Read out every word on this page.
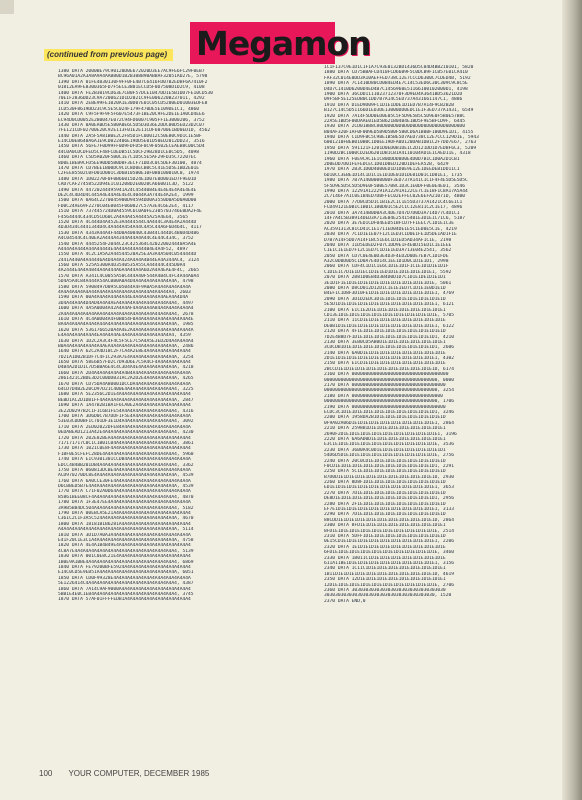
Megamon
(continued from previous page)
1380 DATA 2000BE79C90120D0E672020D3EE7AC9FE6FC29F0EB7
BC96A01A2A3A8A9A4AABB0D1B2B3B8B9BABBAF32051AD27E, 5798
1390 DATA 01FE4030130F9FF0FE4B7C6416FD07B2EDBF6A7410F2
01812EA9FE8300365FD7F5ECE3B01ECCD5F0D7500D1D2C9, 4108
1400 DATA FE2B3019CD63E7CB0F57DCE1047DD1E5B1DD7FE10CD530
70E1F2836DD23C9A7200621D1D2021C9FE006220B237011, 4292
1410 DATA 2EBE99FE1020A1E30D07E01C05CD5200ED01003EDFE8
1CD530F8619DD23C9C5E5C024F179F470DE5E109DE1C1, 4860
1420 DATA C9F5F9F9F5F607E5473F1BE20C9FE2DE1E1A0CD4EE6
EC94D0CD0052E2B0047E072C94FD6007C905FF1E3000206, 3752
1430 DATA 0A0EA0D5E5B0A0E6C5D5D3D36E2DDC00D5ED23D2C07
7FE121CDF02700E20C92E113F01E2E11CDF60700E1BD0ED1D, 4562
1440 DATA 2A5F5A81B0E2C2F85D1FC0D012C50E80C9D1C1E5BF
E14CD0EB640A6A1E9CD022406E19DD5E01D50ED2012DD23, 3516
1450 DATA 56FE7F0D99FF0D9FDFD5F0C9F0502ECEAEB8C00C5D4
44C0A0CDCDFED5CF48FCDEDB51C5DCF29B28D1CE0C5D5, 4098
1460 DATA C5D5A020F5B0C1E7C1D5C5E5AF29FD35C72207EC
8D0E1BEB9CFD5EE90DD5B0D0F3ECF71DD3C0C5DEF30100, 4874
1470 DATA CD7BEE1B00DC9C1C8D0ECB0C5C41E5D5E1BD2E01E
C2FEE85502C0FD01D001C3D6B105B0E10F0B0100010C0, 1974
1480 DATA 1D02270F0F0B66015D24E1D07E0D001ED7F9E01D
CAD7CAF27458522D94E1C01208D2E0020CA66001C3D, 5122
1490 DATA 44720244495941A24C4544084E4E4E4E4A4E4E4E
DE2C4C4D4D4C445A4E44A4E4E4C4044A3A744E4A2E4, 1999
1500 DATA 0A64C2270045900D94594DD0A3550D0A5D0A0D00
FD0C24AE69F2270C04E0045F060027C57A3E4C6E2E4, 4117
1510 DATA 737445724D0A4559C6C0A0FE2305703746E0DA2F4E
F4564444C434CD5CD60C2A4A4A45A4445A25A4E64, 3565
1520 DATA 4C444D4A452E3A4444544C4A444C3A4E4A2A444D
4D3D434C4441344D4C4A444A454A44C4A5C44A6F6D464C, 4117
1530 DATA 4343A44A4F44D0A40040C43B44C444DC4B0D4D4B6
A4C04544C4C40EA2A444A4344A44A4A44C4E44C434C, 3752
1540 DATA 4445254F2044C23C425364C420220024440A5A4E
A444A4A444A44A44444E4A44A444A444B4E4A4F52, 4897
1550 DATA 4C2C1A5A2A44544520A25E3A3A4A504C0544444D
2441A440A4A44446A4D4A4A424A4A4A4B44EA4A344AC4, 3124
1560 DATA 525A5300A4D3540535A55CA44444C445D0A4
4A2444E4A4A4844A4A444A6A4A44A4A6D2A4A4EAE4F4C, 2665
1570 DATA A341C4C0055A50C444A40F544A4B4C4FC4A44A0A4
5D4A5A4C84A444A54ACBB0A0A4D4A4A4A4A4A4A4A4A, 4798
1580 DATA 5908497D095C05044A4F9A0A5A4A4A4A4A4A4A
4A4A4A4A4A4A44A4A4A4A4A4A4A4A4A44A4A4A44A4, 2603
1590 DATA 00A4A4A4A44A4A44E4A4A4A4A4A4AEA4A4D4A
3D4A44A4A4D4AD4A4A4AEA4A4A4A4A4A44A4A44A4A4, 4497
1600 DATA 4A5A0D04A42A4A4AF4A4A4A4A84A4A4A4A4A4A4
2A4A4A4A4A4A4AAA4A4AA4A4A4A4A4A4A4A44A4A4A4, 2678
1610 DATA 4C4A0D04A4F0B054F0A4A4A4A4A4A4A4A4A4A4E
8A4A4A4AA4A4A4A44A4A4A4A4A4AA4A4A4A4A4A4A4A, 1985
1620 DATA 5361766520A4A4E2A4A4A4A4A4A4A4A4A4A4A4A
E4A4A4A4A4A4A4EA4A4A4AE4A4A4A4A4A4A4A4A4A4, 4359
1630 DATA 1D2C2A3C4F4C5F5CE7C5A4A5E3ED2D4A4A4A4A4
B0A4A4A4A4A4A4A4AEA4A4A4A4A4A4A4A4A4A4A4A4A, 2486
1640 DATA 62C2A4D18C2F7CA4A2E8E4A4A4A4A4A4A4A4A4
7D21A1D02B1DF7C4F1C293A7E4A4A4A4A4A4A4A4A4A, 3254
1650 DATA 58E6B57FD2C7D93D6E7C5A4CF4A4A4A4A4A4A4
D4B4A2D1D1C7D5BBA6E4C4C3D4A4E4A4A4A4A4A4A4A, 4218
1660 DATA 2D4A4A4A4A4A4A4B4A4A4A4A4A4A4A4A4A4A4A
2861421C2BDE3D2C00DDB31AC2A2D2E4A4A4A4A4A4A, 4265
1670 DATA CD75DA4A80001DCCDA4A4A4A4A4A4A4A4A4A4A
64CD7D4B2E20CD97D21C400E4A4A4A4A4A4A4A4A4A4, 3225
1680 DATA 5E2356C2D1E4A4A4A4A4A4A4A4A4A4A4A4A4A4
BEBD1AC2D1DB1FF4A4A4A4A4A4A4A4A4A4A4A4A4A4A, 2847
1690 DATA 1A47B2B1BA1F6CA0E2A4A4A4A4A4A4A4A4A4A4
3E22D0297B2C1F1C6B1FE54A4A4A4A4A4A4A4A4A4A4, 4316
1700 DATA 3D6D0C7B7DDF1F5E4A4A4A4A4A4A4A4A4A4A4A
53E03CDD0BF1C701DF3E1D4A4A4A4A4A4A4A4A4A4A4, 3092
1710 DATA 2ED02022DFE84A4A4A4A4A4A4A4A4A4A4A4A4A
0EDABEAD1213A42E4A4A4A4A4A4A4A4A4A4A4A4A4A4, 4230
1720 DATA 202E82BEA4A4A4A4A4A4A4A4A4A4A4A4A4A4A4
717171717C0C1C1B01CB4A4A4A4A4A4A4A4A4A4A4A4, 3861
1730 DATA 1021C0E8F4A4A4A4A4A4A4A4A4A4A4A4A4A4A4
F1BF0E5CFEFC28DE4A4A4A4A4A4A4A4A4A4A4A4A4A4, 5960
1740 DATA E1C9301301CCDB4A4A4A4A4A4A4A4A4A4A4A4A
EDCC4B4BB201DB4A4A4A4A4A4A4A4A4A4A4A4A4A4A4, 3362
1750 DATA 060813DCBE4A4A4A4A4A4A4A4A4A4A4A4A4A4A
ACD970270DC8E4A4A4A4A4A4A4A4A4A4A4A4A4A4A4A, 4539
1760 DATA 6A0CCE30FE4A4A4A4A4A4A4A4A4A4A4A4A4A4A
D6CBBED5B7E4A4A4A4A4A4A4A4A4A4A4A4A4A4A4A4A, 4539
1770 DATA C71F02A0D64A4A4A4A4A4A4A4A4A4A4A4A4A4A
85861BEE08CF4A4A4A4A4A4A4A4A4A4A4A4A4A4A4A4, 4870
1780 DATA 1F3E47EE4A4A4A4A4A4A4A4A4A4A4A4A4A4A4A
3A9B5B84DC504A4A4A4A4A4A4A4A4A4A4A4A4A4A4A4, 5182
1790 DATA 00EBCA5E21A4A4A4A4A4A4A4A4A4A4A4A4A4A4
C361C2C1F3A5C524A4A4A4A4A4A4A4A4A4A4A4A4A4A, 4670
1800 DATA 18181B1B6281A4A4A4A4A4A4A4A4A4A4A4A4A4
A4A4A4A4A4A4A4A4A4A4A4A4A4A4A4A4A4A4A4A4A4A, 5114
1810 DATA 3D1D7A0A3A4A4A4A4A4A4A4A4A4A4A4A4A4A4A
E41F20C1E3C1A4A4A4A4A4A4A4A4A4A4A4A4A4A4A4A, 4758
1820 DATA 4E4A1B4B49E4A4A4A4A4A4A4A4A4A4A4A4A4A4
4C8A7E4A4A4A4A4A4A4A4A4A4A4A4A4A4A4A4A4A4A4, 5139
1830 DATA 001C0E8C21E4A4A4A4A4A4A4A4A4A4A4A4A4A4
1B0E9A1BBE4A4A4A4A4A4A4A4A4A4A4A4A4A4A4A4A4, 6869
1840 DATA FE79200BFE5924A4A4A4A4A4A4A4A4A4A4A4A4
E14C0CD5E9EB51A4A4A4A4A4A4A4A4A4A4A4A4A4A4A, 6051
1850 DATA CD0F99328E4A4A4A4A4A4A4A4A4A4A4A4A4A4A
5E1226414C4A4A4A4A4A4A4A4A4A4A4A4A4A4A4A4A4, 4387
1860 DATA 7A14C9AF9000A4A4A4A4A4A4A4A4A4A4A4A4A4
5BB1E4E0C1EB4A4A4A4A4A4A4A4A4A4A4A4A4A4A4A4, 3745
1870 DATA 57AF01FFFFEDB1A4A4A4A4A4A4A4A4A4A4A4A4
1C1F137C9E1D1C1F1A7C93E0132BD1436D5C04D4BB210101, 5820
1880 DATA CD75BBAFCD410FCD66B9F5C0DCB9F1CB57E01CA410
FAF32C014E0DD3A10AEFFED738C12E7CCCD6300C7CDED4B, 5192
1890 DATA 7C1410D80CD0B4ED4E7C14C53ED6C30C309C9C8C5E
D4D7C1410D6200D4ED4B7C1456960E51166100102000D1, 4198
1900 DATA 36CDD1111023712370F3D9ED4A3641BD53621D2D
09F5BF5E125EDB0C1DD7B7A14C5ED737A431661147C1, 4886
1910 DATA D1ED9D09FC1D1E1DDE1D1ED7B7A14F9CB2B2B
B127C14C5D51166D1ED3DE13000DD0EDC1E1F3ED737A1431, 6549
1920 DATA 7A14F5DD0ED0E05C5F5D9E5B5C5D9E0F5B0E57B8C
22A5E1BD5F00DAAE01ED5B621B04B4E1BD5F9E5BFCD9F, 6445
1930 DATA 2CD018B8C80D0D0D0D0D0D0D0D0D0D0D0D0D0D0D0
B04AF320F1AF0F009ED5B9D5B0F5B0CD6A1B0BF100D9E1D1, 4155
1940 DATA C1D9FBC5C9BE1B5BE5D7AED738C12E7CCC129D1E, 5943
6001210FBEB010B0C1D0EE19DFA0D120DAB1DB1C2F7DD7E67, 2763
1950 DATA 591121F1201D0ED0B1DE1C2D121DD1D7EDBF6C3, 5209
1190D2BC1000CD2ED6201DB1CB1A4110104AD1E1CAED11E, 4318
1960 DATA F0E9CAC1E1C80DDDD0D0E4D0D7B1C1D0A2D1CB1
2D0EDD7D01FEFEDCEC1D01D0ED120D1DEFEA52B, 6429
1970 DATA 2B3C1D0D4000ED1D1D0E9E12E1DEEDEB1DD11C1
6D10CC3EBE1D14C1D1C1E1D1DE01D1DE01D01C1D01E1, 1735
1980 DATA 7B7A140000000DF3ED737A141C1C1F4F4E5D5E5D5C
5F5D9E5D5C5D5D9E0F5B0E57B8C1D3C1E0DFF0E0E4E01, 3546
1990 DATA 12291A122291A12291A122CE7C1E18F1C8A17A5A44
2C7146F7A1C0E1B4ED7DBFFEC02EFFEC02E6EFA21071D, 4800
2000 DATA 77D0CD5D1C1B1E2C1C1E55D3737A1421C4C6E1C1
FCD49121E0B1C1B01C1B0D01C5E2C1C12E811C2C1E17, 4896
2010 DATA 3A7414B0D0A3C4DE7D47D7D0D3A714D77C4D1C1
14F7A4C5B38914DED3A713E04E25415401E3D1E1C71C6, 5187
2020 DATA 3E7ED1CDF04EED51BFCD7FF1EEC7C1D1E1C3E
AC3591313C81CD41C1E1711ED04DE1E5C1ED0E5C1E, 4219
2030 DATA 7C1D1E1E07F12C1ED3C1D0E1FE1D5DE1AD1F1E
D7B7A14F5DD7A14F1BC51E6C1D1ED5AD34AF1C1E, 2198
2040 DATA 11D5EDED2F07C1DD9E1F4E0D15ED1C1E1EEE
C1E1C1E1ED7F12C1ED7C1D1E1ED3A713E04E2541, 3562
2050 DATA CD7C0E4E0D3E4D3F4ED2D0DE7EB7C1D1FDE
A32C0D0D0D5C1D0A7E4D14C1EE1D1D0C1D1E1D1, 2998
2060 DATA CDF4C1D1C1E6C1D1E1D1F1C1E1D1D1E1D1F
C1D1E1C7D1E1D1EC1D1E1ED1D1E1D1E1D1E1D1E1, 5592
2070 DATA 2B81D0EB4D3B4D0D1D7C1D1E1DE1D1E1D1
3E1D1F1E1D1E1D1E1D1E1D1E1D1E1D1E1D1E1D1E, 5061
2080 DATA D8CD012D12D1C1E1E1ED7C1D1E1E0D1E1D
B4EF1C1D8F3D10FE1D1E1D1E1D1E1D1E1D1E1D1E1, 4769
2090 DATA 3D1D2EDC3D1E1D1E1D1E1D1E1D1E1D1E1D
5E5D1D1E1D1E1D1E1D1E1D1E1D1E1D1E1D1E1D1E1, 6121
2100 DATA E1C1E2D1E1D1E1D1E1D1E1D1E1D1E1D1E1
CD13E1D1E1D1E1D1E1D1E1D1E1D1E1D1E1D1E1D1E, 5705
2110 DATA 11CD1E1D1E1D1E1D1E1D1E1D1E1D1E1D1E
DE0B1D1E1D1E1D1E1D1E1D1E1D1E1D1E1D1E1D1E1, 6122
2120 DATA 4F1E1D1E1D1E1D1E1D1E1D1E1D1E1D1E1D
7D2E4B8D7F1D1E1D1E1D1E1D1E1D1E1D1E1D1E1D1, 4210
2130 DATA 3EB0CD5AB0D1E1D1E1D1E1D1E1D1E1D1E1
3CDCDB1D1E1D1E1D1E1D1E1D1E1D1E1D1E1D1E1D1, 2606
2140 DATA 6A0D1E1D1E1D1E1D1E1D1E1D1E1D1E1D1E
2D1E1D1E1D1E1D1E1D1E1D1E1D1E1D1E1D1E1D1E1, 4302
2150 DATA E1CD1E1D1E1D1E1D1E1D1E1D1E1D1E1D1E
2BCCD1E1D1E1D1E1D1E1D1E1D1E1D1E1D1E1D1E1D, 6174
2160 DATA 00000000000000000000000000000000000
00000000000000000000000000000000000000000, 0000
2170 DATA 0000000000000000000000000000000000
00000000000000000000000000000000000000000, 3254
2180 DATA 000000000000000000000000000000000
00000000000000000000000000000000000000000, 1706
2190 DATA 0000000000000000000000000000000000
ECDC3C1D1E1D1E1D1E1D1E1D1E1D1E1D1E1D1E1D1, 3246
2200 DATA 1958DA2B1D1E1D1E1D1E1D1E1D1E1D1E1D
0F9A02A06D1E1D1E1D1E1D1E1D1E1D1E1D1E1D1E1, 2864
2210 DATA 2598B1D1E1D1E1D1E1D1E1D1E1D1E1D1E1
2690F2D1E1D1E1D1E1D1E1D1E1D1E1D1E1D1E1D1E1, 3196
2220 DATA 6A6AD0D1E1D1E1D1E1D1E1D1E1D1E1D1E1
E3C1E1D1E1D1E1D1E1D1E1D1E1D1E1D1E1D1E1D1E, 3536
2230 DATA 36B0A4C0D1E1D1E1D1E1D1E1D1E1D1E1D1
54D6D5D1E1D1E1D1E1D1E1D1E1D1E1D1E1D1E1D1E, 2756
2240 DATA 20C0CD1E1D1E1D1E1D1E1D1E1D1E1D1E1D
F0CD1E1D1E1D1E1D1E1D1E1D1E1D1E1D1E1D1E1D1, 2291
2250 DATA 5C1E1D1E1D1E1D1E1D1E1D1E1D1E1D1E1D
B7D0D1E1D1E1D1E1D1E1D1E1D1E1D1E1D1E1D1E1D, 2930
2260 DATA 8D8F1D1E1D1E1D1E1D1E1D1E1D1E1D1E1D
ED1E1D1E1D1E1D1E1D1E1D1E1D1E1D1E1D1E1D1E1, 3653
2270 DATA 7D1E1D1E1D1E1D1E1D1E1D1E1D1E1D1E1D
DE8D1E1D1E1D1E1D1E1D1E1D1E1D1E1D1E1D1E1D1, 2956
2280 DATA 2F1E1D1E1D1E1D1E1D1E1D1E1D1E1D1E1D
EF7E1D1E1D1E1D1E1D1E1D1E1D1E1D1E1D1E1D1E1, 3133
2290 DATA 7D1E1D1E1D1E1D1E1D1E1D1E1D1E1D1E1D
88CDD1E1D1E1D1E1D1E1D1E1D1E1D1E1D1E1D1E1D, 2864
2300 DATA 8FD1E1D1E1D1E1D1E1D1E1D1E1D1E1D1E1
8FD1E1D1E1D1E1D1E1D1E1D1E1D1E1D1E1D1E1D1E, 2514
2310 DATA 5DFF1D1E1D1E1D1E1D1E1D1E1D1E1D1E1D
0E15CD1E1D1E1D1E1D1E1D1E1D1E1D1E1D1E1D1E1, 2206
2320 DATA 1E1D1E1D1E1D1E1D1E1D1E1D1E1D1E1D1E
6FD1E1D1E1D1E1D1E1D1E1D1E1D1E1D1E1D1E1D1E, 3460
2330 DATA 1B011C1D1E1D1E1D1E1D1E1D1E1D1E1D1E
611A11BE1D1E1D1E1D1E1D1E1D1E1D1E1D1E1D1E1, 3156
2340 DATA 1C11C1D1E1D1E1D1E1D1E1D1E1D1E1D1E1
1B11D1E1D1E1D1E1D1E1D1E1D1E1D1E1D1E1D1E1D, 4619
2350 DATA 12D1E1D1E1D1E1D1E1D1E1D1E1D1E1D1E1
12D1E1D1E1D1E1D1E1D1E1D1E1D1E1D1E1D1E1D1E, 2706
2360 DATA 3030303030303030303030303030303030
3030303030303030303030303030303030303030, 1520
2370 DATA END,0
100 YOUR COMPUTER, DECEMBER 1985
